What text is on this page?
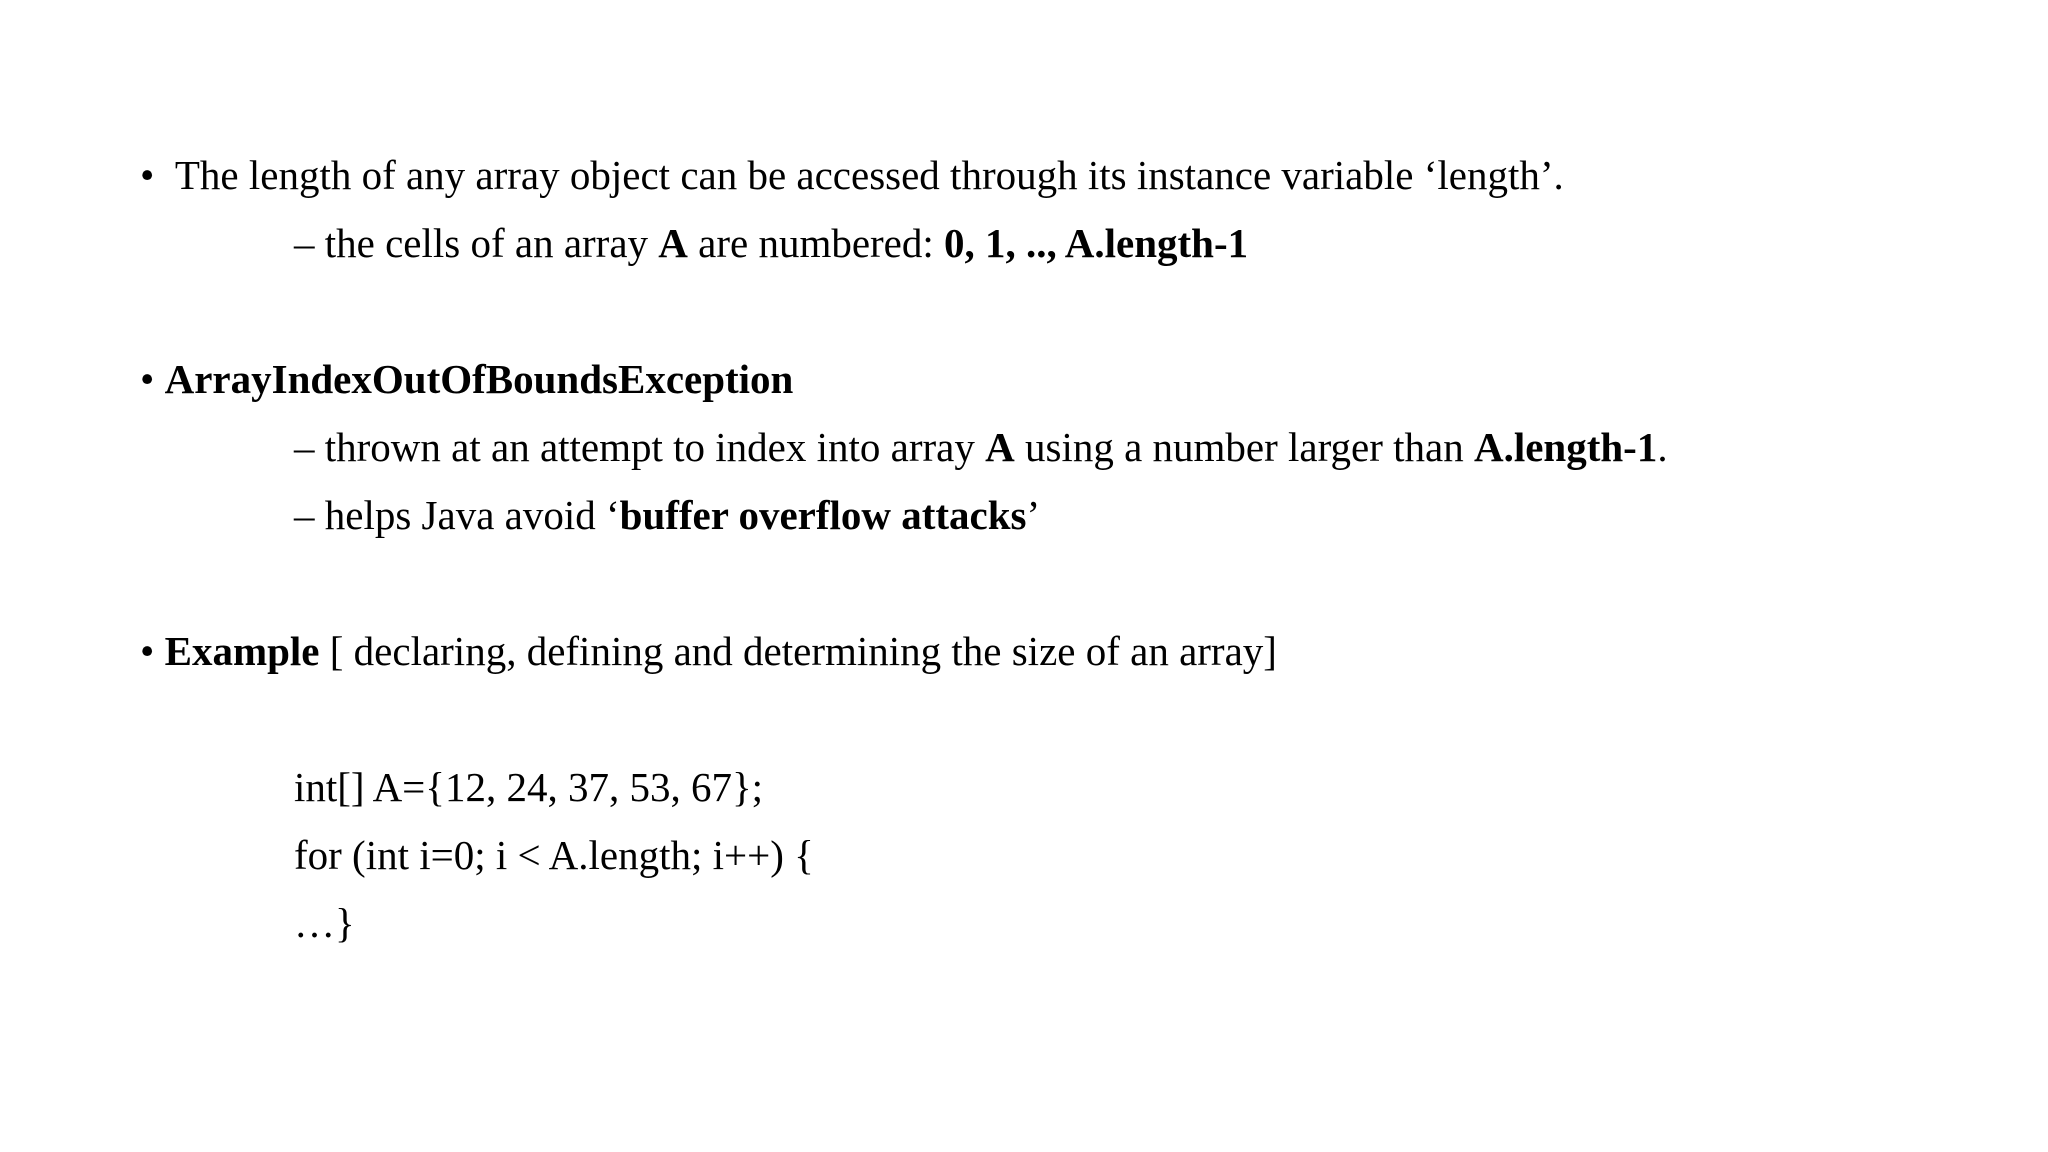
• The length of any array object can be accessed through its instance variable ‘length’.
– the cells of an array A are numbered: 0, 1, .., A.length-1
• ArrayIndexOutOfBoundsException
– thrown at an attempt to index into array A using a number larger than A.length-1.
– helps Java avoid ‘buffer overflow attacks’
• Example [ declaring, defining and determining the size of an array]
int[] A={12, 24, 37, 53, 67};
for (int i=0; i < A.length; i++) {
…}
